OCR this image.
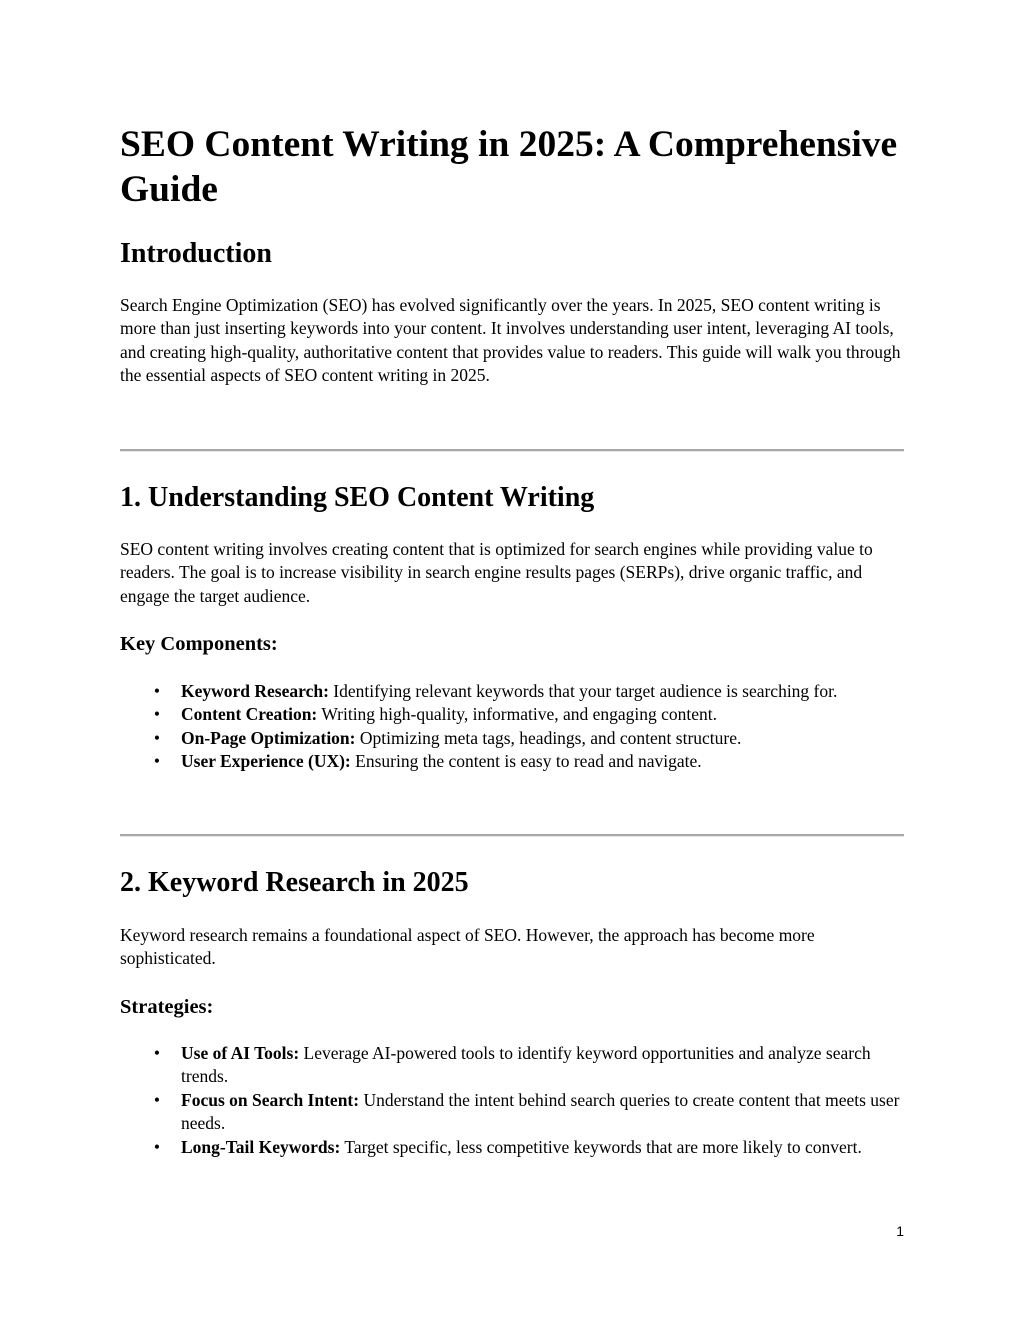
SEO Content Writing in 2025: A Comprehensive Guide
Introduction

Search Engine Optimization (SEO) has evolved significantly over the years. In 2025, SEO content writing is more than just inserting keywords into your content. It involves understanding user intent, leveraging AI tools, and creating high-quality, authoritative content that provides value to readers. This guide will walk you through the essential aspects of SEO content writing in 2025.

1. Understanding SEO Content Writing

SEO content writing involves creating content that is optimized for search engines while providing value to readers. The goal is to increase visibility in search engine results pages (SERPs), drive organic traffic, and engage the target audience.

Key Components:
•	Keyword Research: Identifying relevant keywords that your target audience is searching for.
•	Content Creation: Writing high-quality, informative, and engaging content.
•	On-Page Optimization: Optimizing meta tags, headings, and content structure.
•	User Experience (UX): Ensuring the content is easy to read and navigate.
2. Keyword Research in 2025

Keyword research remains a foundational aspect of SEO. However, the approach has become more sophisticated.

Strategies:
•	Use of AI Tools: Leverage AI-powered tools to identify keyword opportunities and analyze search trends.
•	Focus on Search Intent: Understand the intent behind search queries to create content that meets user needs.
•	Long-Tail Keywords: Target specific, less competitive keywords that are more likely to convert.
1
